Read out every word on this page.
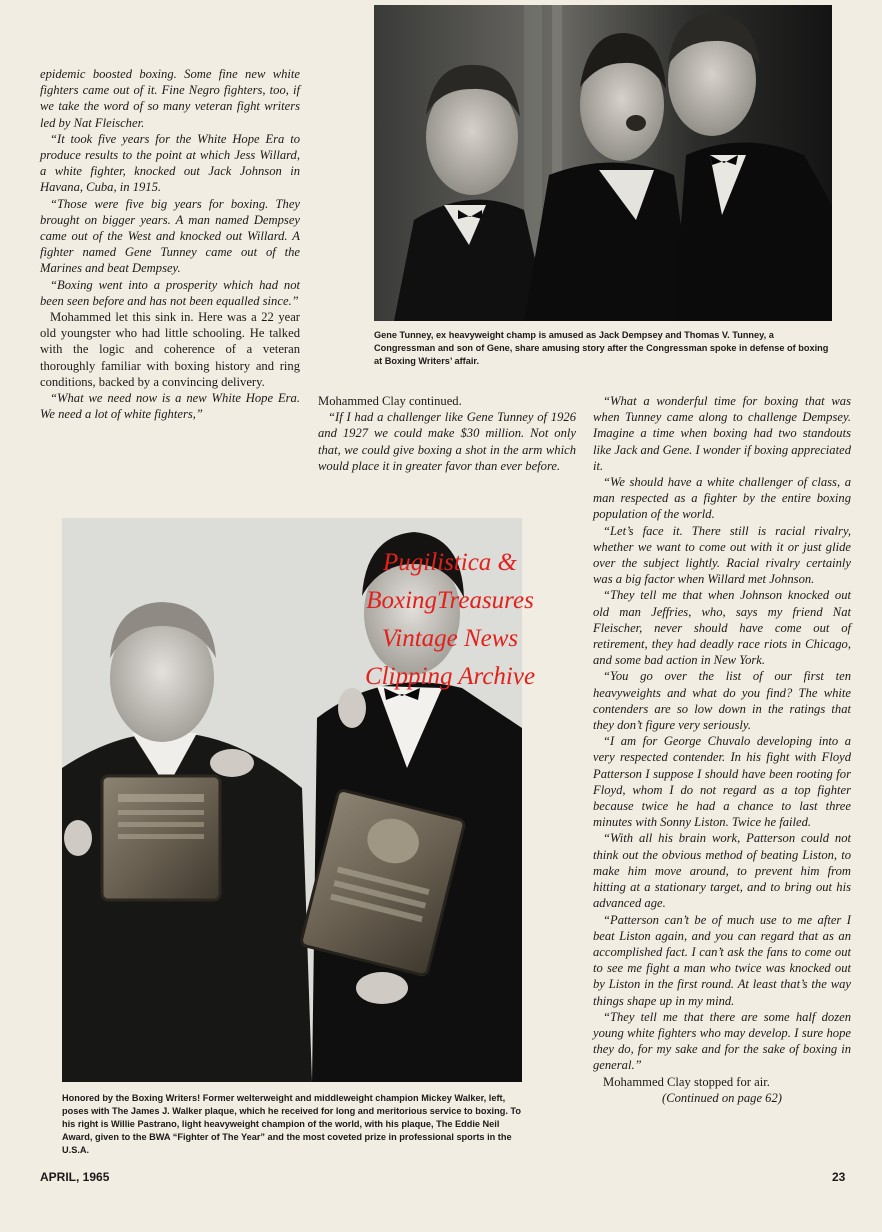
epidemic boosted boxing. Some fine new white fighters came out of it. Fine Negro fighters, too, if we take the word of so many veteran fight writers led by Nat Fleischer.

“It took five years for the White Hope Era to produce results to the point at which Jess Willard, a white fighter, knocked out Jack Johnson in Havana, Cuba, in 1915.

“Those were five big years for boxing. They brought on bigger years. A man named Dempsey came out of the West and knocked out Willard. A fighter named Gene Tunney came out of the Marines and beat Dempsey.

“Boxing went into a prosperity which had not been seen before and has not been equalled since.”

Mohammed let this sink in. Here was a 22 year old youngster who had little schooling. He talked with the logic and coherence of a veteran thoroughly familiar with boxing history and ring conditions, backed by a convincing delivery.

“What we need now is a new White Hope Era. We need a lot of white fighters,”

Gene Tunney, ex heavyweight champ is amused as Jack Dempsey and Thomas V. Tunney, a Congressman and son of Gene, share amusing story after the Congressman spoke in defense of boxing at Boxing Writers’ affair.

Mohammed Clay continued.

“If I had a challenger like Gene Tunney of 1926 and 1927 we could make $30 million. Not only that, we could give boxing a shot in the arm which would place it in greater favor than ever before.

“What a wonderful time for boxing that was when Tunney came along to challenge Dempsey. Imagine a time when boxing had two standouts like Jack and Gene. I wonder if boxing appreciated it.

“We should have a white challenger of class, a man respected as a fighter by the entire boxing population of the world.

“Let’s face it. There still is racial rivalry, whether we want to come out with it or just glide over the subject lightly. Racial rivalry certainly was a big factor when Willard met Johnson.

“They tell me that when Johnson knocked out old man Jeffries, who, says my friend Nat Fleischer, never should have come out of retirement, they had deadly race riots in Chicago, and some bad action in New York.

“You go over the list of our first ten heavyweights and what do you find? The white contenders are so low down in the ratings that they don’t figure very seriously.

“I am for George Chuvalo developing into a very respected contender. In his fight with Floyd Patterson I suppose I should have been rooting for Floyd, whom I do not regard as a top fighter because twice he had a chance to last three minutes with Sonny Liston. Twice he failed.

“With all his brain work, Patterson could not think out the obvious method of beating Liston, to make him move around, to prevent him from hitting at a stationary target, and to bring out his advanced age.

“Patterson can’t be of much use to me after I beat Liston again, and you can regard that as an accomplished fact. I can’t ask the fans to come out to see me fight a man who twice was knocked out by Liston in the first round. At least that’s the way things shape up in my mind.

“They tell me that there are some half dozen young white fighters who may develop. I sure hope they do, for my sake and for the sake of boxing in general.”

Mohammed Clay stopped for air.

(Continued on page 62)

Honored by the Boxing Writers! Former welterweight and middleweight champion Mickey Walker, left, poses with The James J. Walker plaque, which he received for long and meritorious service to boxing. To his right is Willie Pastrano, light heavyweight champion of the world, with his plaque, The Eddie Neil Award, given to the BWA “Fighter of The Year” and the most coveted prize in professional sports in the U.S.A.
Pugilistica &
BoxingTreasures
Vintage News
Clipping Archive
APRIL, 1965	23
